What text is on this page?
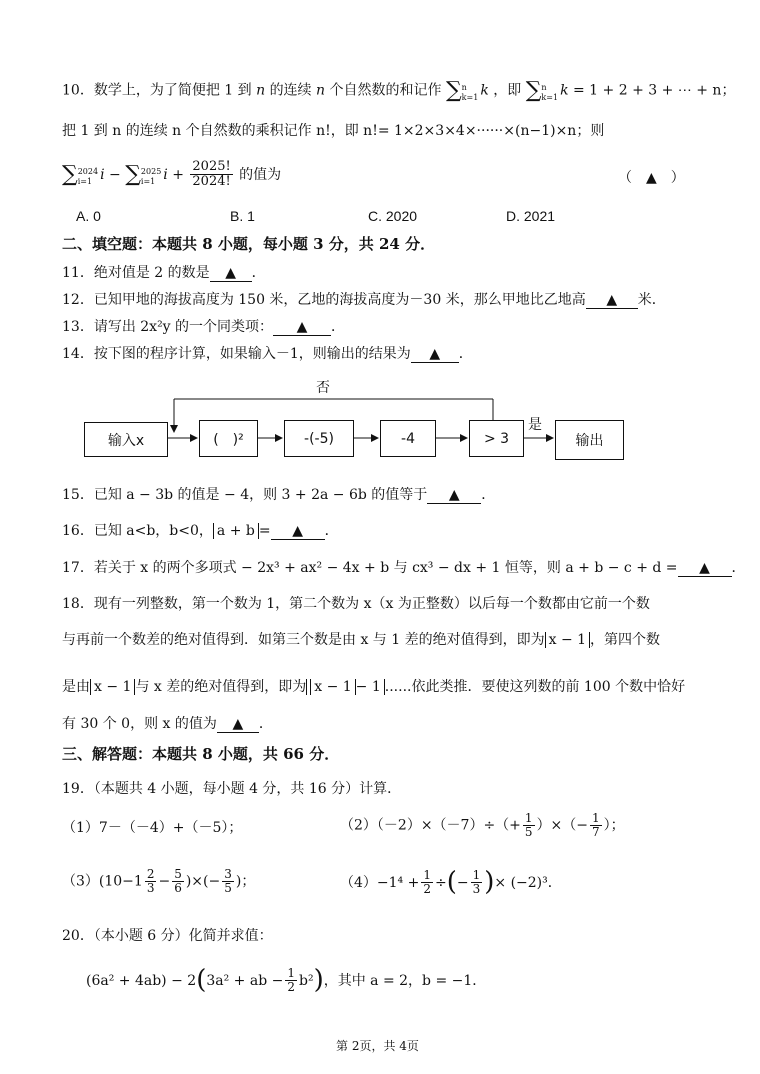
10．数学上，为了简便把 1 到 n 的连续 n 个自然数的和记作 ∑n
k=1 k ，即 ∑n
k=1 k = 1 + 2 + 3 + ⋯ + n；
把 1 到 n 的连续 n 个自然数的乘积记作 n!，即 n!= 1×2×3×4×······×(n−1)×n；则
∑2024
i=1 i − ∑2025
i=1 $i + \frac{2025!}{2024!}$ 的值为	（　▲　）
A. 0	B. 1	C. 2020	D. 2021
二、填空题：本题共 8 小题，每小题 3 分，共 24 分．
11．绝对值是 2 的数是 ▲ ．
12．已知甲地的海拔高度为 150 米，乙地的海拔高度为－30 米，那么甲地比乙地高 ▲ 米．
13．请写出 2x²y 的一个同类项： ▲ ．
14．按下图的程序计算，如果输入－1，则输出的结果为 ▲ ．
否
是
输入x	(　)²	-(-5)	-4	> 3	输出
15．已知 a − 3b 的值是 − 4，则 3 + 2a − 6b 的值等于 ▲ ．
16．已知 a<b，b<0， a + b = ▲ ．
17．若关于 x 的两个多项式 − 2x³ + ax² − 4x + b 与 cx³ − dx + 1 恒等，则 a + b − c + d = ▲ ．
18．现有一列整数，第一个数为 1，第二个数为 x（x 为正整数）以后每一个数都由它前一个数
与再前一个数差的绝对值得到．如第三个数是由 x 与 1 差的绝对值得到，即为 x − 1 ，第四个数
是由 x − 1 与 x 差的绝对值得到，即为 x − 1 − 1 ......依此类推．要使这列数的前 100 个数中恰好
有 30 个 0，则 x 的值为 ▲ ．
三、解答题：本题共 8 小题，共 66 分．
19．（本题共 4 小题，每小题 4 分，共 16 分）计算．
（1）7－（－4）+（－5）；	$(2)(-2)\times(-7)\div(+ \frac{1}{5}$ ）×（− $\frac{1}{7}$ ）；
$(3)(10-1 \frac{2}{3} - \frac{5}{6}$ )×(− $\frac{3}{5}$ )；	$(4)-1^4 + \frac{1}{2}$ ÷(− $\frac{1}{3}$ )× (−2)³．
20．（本小题 6 分）化简并求值：
(6a² + 4ab) − 2(3a² + ab − $\frac{1}{2} b^2$)，其中 a = 2，b = −1．
第 2页，共 4页
